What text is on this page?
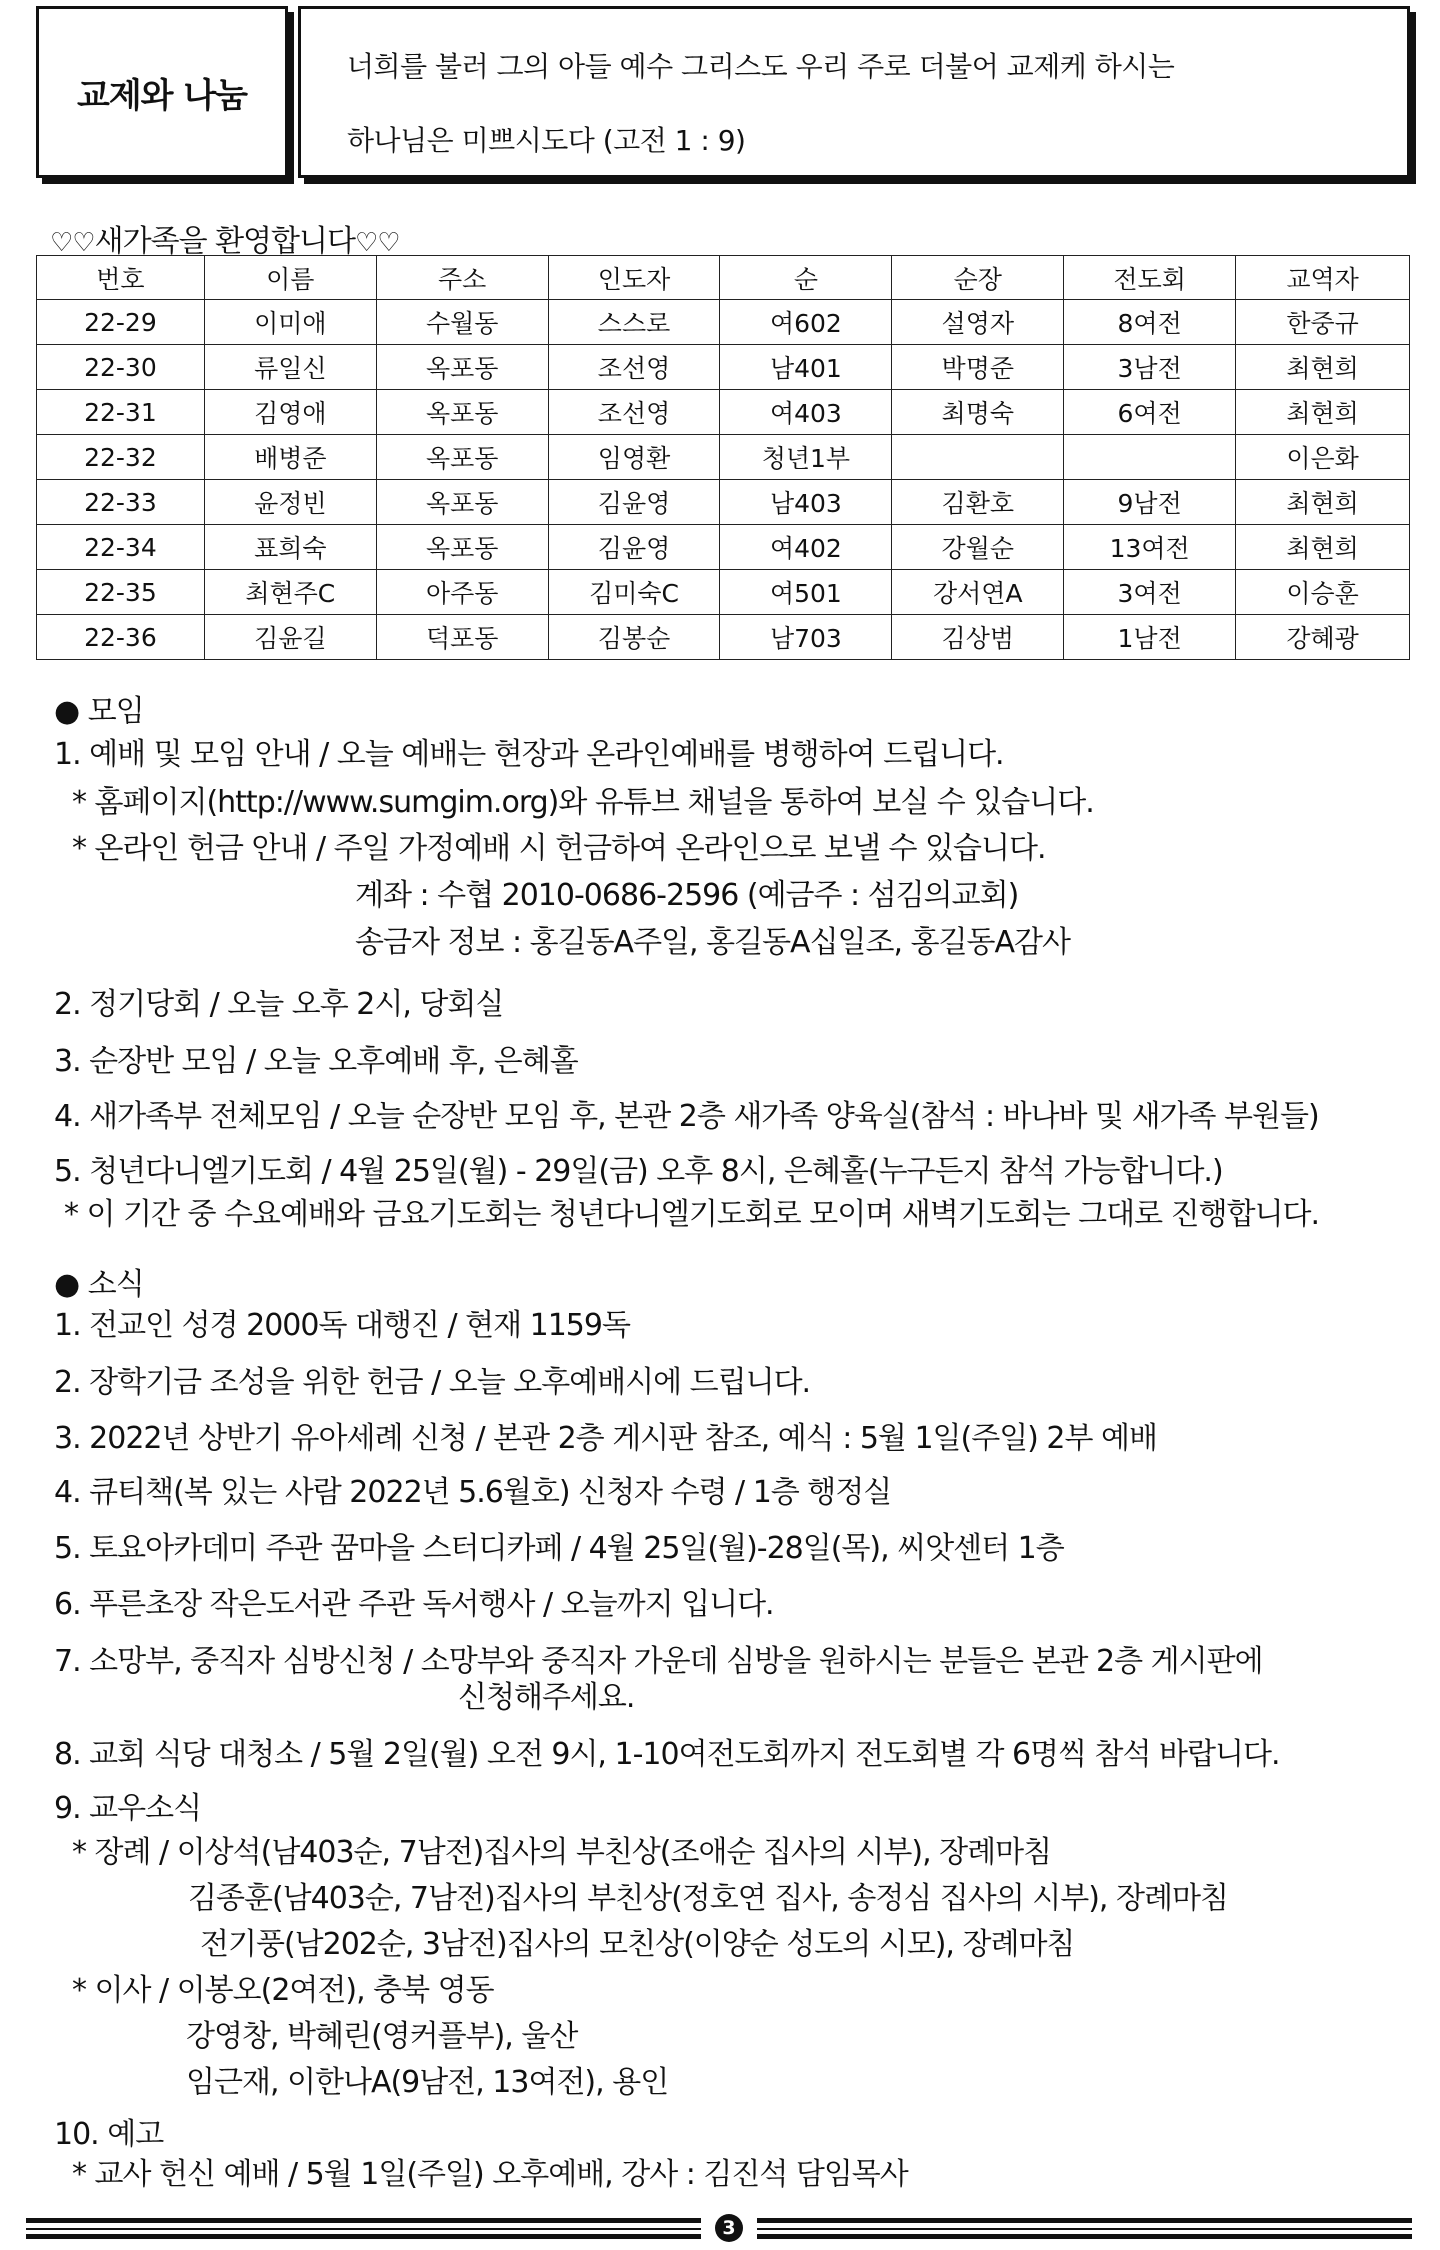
교제와 나눔
너희를 불러 그의 아들 예수 그리스도 우리 주로 더불어 교제케 하시는
하나님은 미쁘시도다 (고전 1 : 9)
♡♡새가족을 환영합니다♡♡
번호	이름	주소	인도자	순	순장	전도회	교역자
22-29	이미애	수월동	스스로	여602	설영자	8여전	한중규
22-30	류일신	옥포동	조선영	남401	박명준	3남전	최현희
22-31	김영애	옥포동	조선영	여403	최명숙	6여전	최현희
22-32	배병준	옥포동	임영환	청년1부			이은화
22-33	윤정빈	옥포동	김윤영	남403	김환호	9남전	최현희
22-34	표희숙	옥포동	김윤영	여402	강월순	13여전	최현희
22-35	최현주C	아주동	김미숙C	여501	강서연A	3여전	이승훈
22-36	김윤길	덕포동	김봉순	남703	김상범	1남전	강혜광
● 모임
1. 예배 및 모임 안내 / 오늘 예배는 현장과 온라인예배를 병행하여 드립니다.
* 홈페이지(http://www.sumgim.org)와 유튜브 채널을 통하여 보실 수 있습니다.
* 온라인 헌금 안내 / 주일 가정예배 시 헌금하여 온라인으로 보낼 수 있습니다.
계좌 : 수협 2010-0686-2596 (예금주 : 섬김의교회)
송금자 정보 : 홍길동A주일, 홍길동A십일조, 홍길동A감사
2. 정기당회 / 오늘 오후 2시, 당회실
3. 순장반 모임 / 오늘 오후예배 후, 은혜홀
4. 새가족부 전체모임 / 오늘 순장반 모임 후, 본관 2층 새가족 양육실(참석 : 바나바 및 새가족 부원들)
5. 청년다니엘기도회 / 4월 25일(월) - 29일(금) 오후 8시, 은혜홀(누구든지 참석 가능합니다.)
* 이 기간 중 수요예배와 금요기도회는 청년다니엘기도회로 모이며 새벽기도회는 그대로 진행합니다.
● 소식
1. 전교인 성경 2000독 대행진 / 현재 1159독
2. 장학기금 조성을 위한 헌금 / 오늘 오후예배시에 드립니다.
3. 2022년 상반기 유아세례 신청 / 본관 2층 게시판 참조, 예식 : 5월 1일(주일) 2부 예배
4. 큐티책(복 있는 사람 2022년 5.6월호) 신청자 수령 / 1층 행정실
5. 토요아카데미 주관 꿈마을 스터디카페 / 4월 25일(월)-28일(목), 씨앗센터 1층
6. 푸른초장 작은도서관 주관 독서행사 / 오늘까지 입니다.
7. 소망부, 중직자 심방신청 / 소망부와 중직자 가운데 심방을 원하시는 분들은 본관 2층 게시판에
신청해주세요.
8. 교회 식당 대청소 / 5월 2일(월) 오전 9시, 1-10여전도회까지 전도회별 각 6명씩 참석 바랍니다.
9. 교우소식
* 장례 / 이상석(남403순, 7남전)집사의 부친상(조애순 집사의 시부), 장례마침
김종훈(남403순, 7남전)집사의 부친상(정호연 집사, 송정심 집사의 시부), 장례마침
전기풍(남202순, 3남전)집사의 모친상(이양순 성도의 시모), 장례마침
* 이사 / 이봉오(2여전), 충북 영동
강영창, 박혜린(영커플부), 울산
임근재, 이한나A(9남전, 13여전), 용인
10. 예고
* 교사 헌신 예배 / 5월 1일(주일) 오후예배, 강사 : 김진석 담임목사
3
